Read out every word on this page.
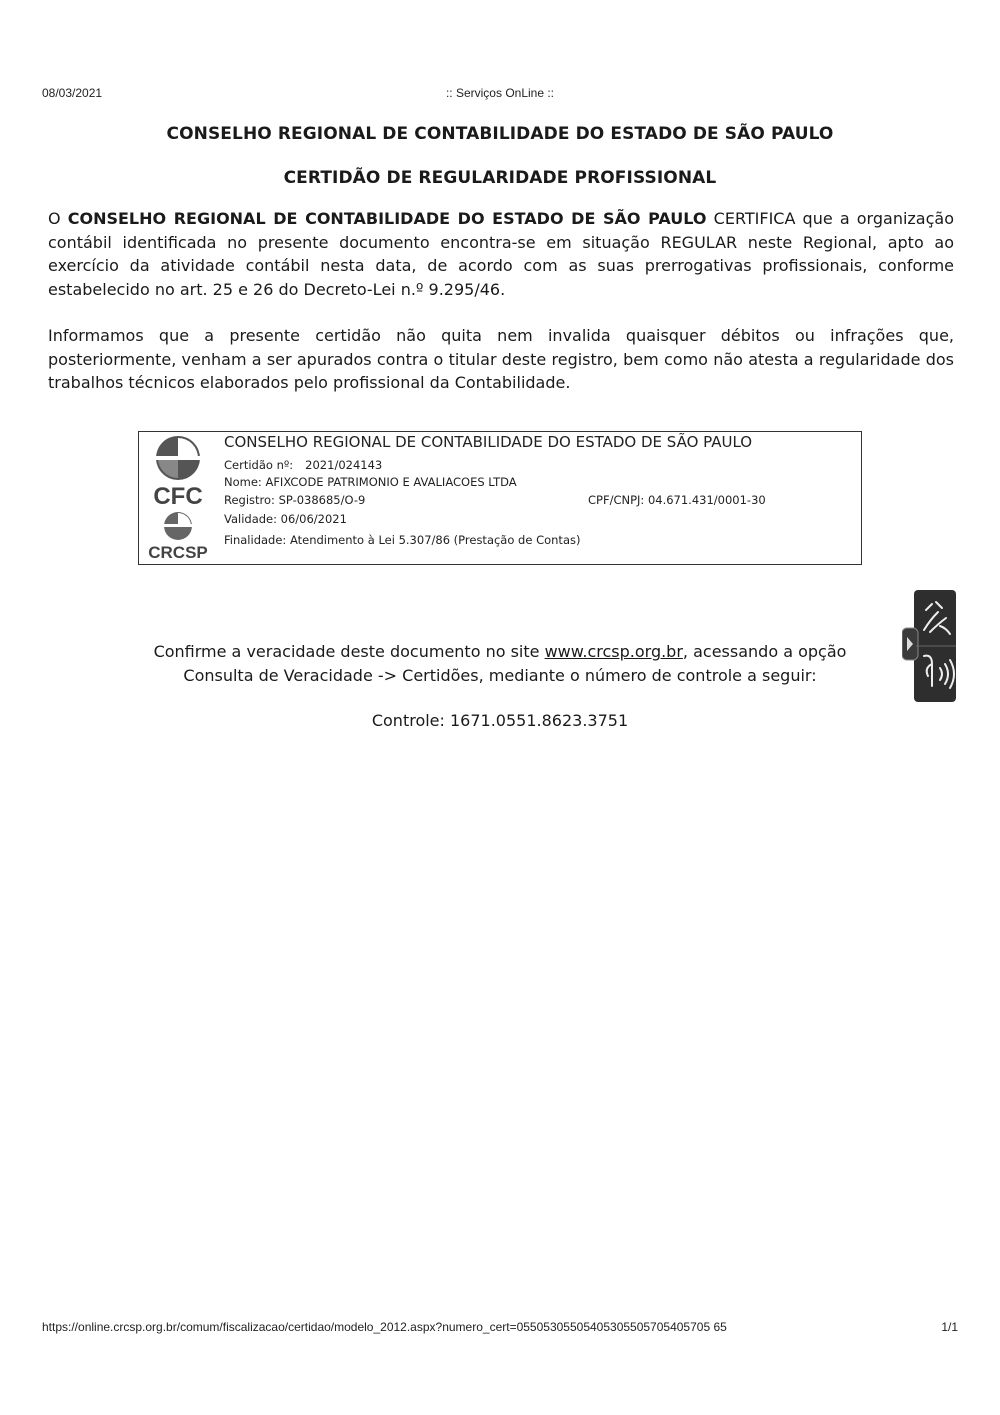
08/03/2021	:: Serviços OnLine ::
CONSELHO REGIONAL DE CONTABILIDADE DO ESTADO DE SÃO PAULO
CERTIDÃO DE REGULARIDADE PROFISSIONAL
O CONSELHO REGIONAL DE CONTABILIDADE DO ESTADO DE SÃO PAULO CERTIFICA que a organização contábil identificada no presente documento encontra-se em situação REGULAR neste Regional, apto ao exercício da atividade contábil nesta data, de acordo com as suas prerrogativas profissionais, conforme estabelecido no art. 25 e 26 do Decreto-Lei n.º 9.295/46.
Informamos que a presente certidão não quita nem invalida quaisquer débitos ou infrações que, posteriormente, venham a ser apurados contra o titular deste registro, bem como não atesta a regularidade dos trabalhos técnicos elaborados pelo profissional da Contabilidade.
CFC
CRCSP
CONSELHO REGIONAL DE CONTABILIDADE DO ESTADO DE SÃO PAULO
Certidão nº: 2021/024143
Nome: AFIXCODE PATRIMONIO E AVALIACOES LTDA
Registro: SP-038685/O-9	CPF/CNPJ: 04.671.431/0001-30
Validade: 06/06/2021
Finalidade: Atendimento à Lei 5.307/86 (Prestação de Contas)
Confirme a veracidade deste documento no site www.crcsp.org.br, acessando a opção
Consulta de Veracidade -> Certidões, mediante o número de controle a seguir:
Controle: 1671.0551.8623.3751
https://online.crcsp.org.br/comum/fiscalizacao/certidao/modelo_2012.aspx?numero_cert=05505305505405305505705405705 65	1/1
